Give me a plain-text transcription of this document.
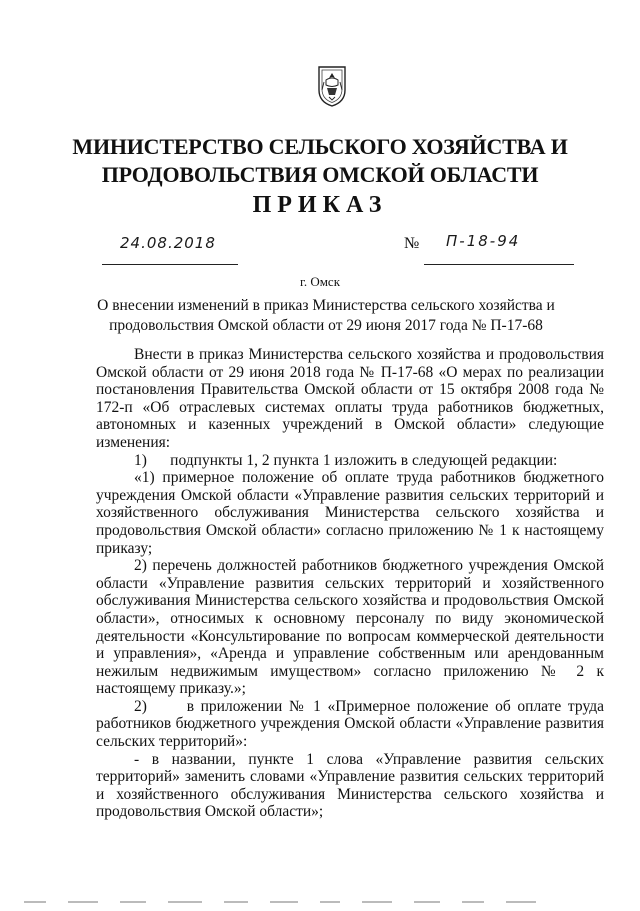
МИНИСТЕРСТВО СЕЛЬСКОГО ХОЗЯЙСТВА И
ПРОДОВОЛЬСТВИЯ ОМСКОЙ ОБЛАСТИ
ПРИКАЗ
24.08.2018	№ П-18-94
г. Омск
О внесении изменений в приказ Министерства сельского хозяйства и
продовольствия Омской области от 29 июня 2017 года № П-17-68

Внести в приказ Министерства сельского хозяйства и продовольствия Омской области от 29 июня 2018 года № П-17-68 «О мерах по реализации постановления Правительства Омской области от 15 октября 2008 года № 172-п «Об отраслевых системах оплаты труда работников бюджетных, автономных и казенных учреждений в Омской области» следующие изменения:

1)      подпункты 1, 2 пункта 1 изложить в следующей редакции:

«1) примерное положение об оплате труда работников бюджетного учреждения Омской области «Управление развития сельских территорий и хозяйственного обслуживания Министерства сельского хозяйства и продовольствия Омской области» согласно приложению № 1 к настоящему приказу;

2) перечень должностей работников бюджетного учреждения Омской области «Управление развития сельских территорий и хозяйственного обслуживания Министерства сельского хозяйства и продовольствия Омской области», относимых к основному персоналу по виду экономической деятельности «Консультирование по вопросам коммерческой деятельности и управления», «Аренда и управление собственным или арендованным нежилым недвижимым имуществом» согласно приложению № 2 к настоящему приказу.»;

2)      в приложении № 1 «Примерное положение об оплате труда работников бюджетного учреждения Омской области «Управление развития сельских территорий»:

- в названии, пункте 1 слова «Управление развития сельских территорий» заменить словами «Управление развития сельских территорий и хозяйственного обслуживания Министерства сельского хозяйства и продовольствия Омской области»;
